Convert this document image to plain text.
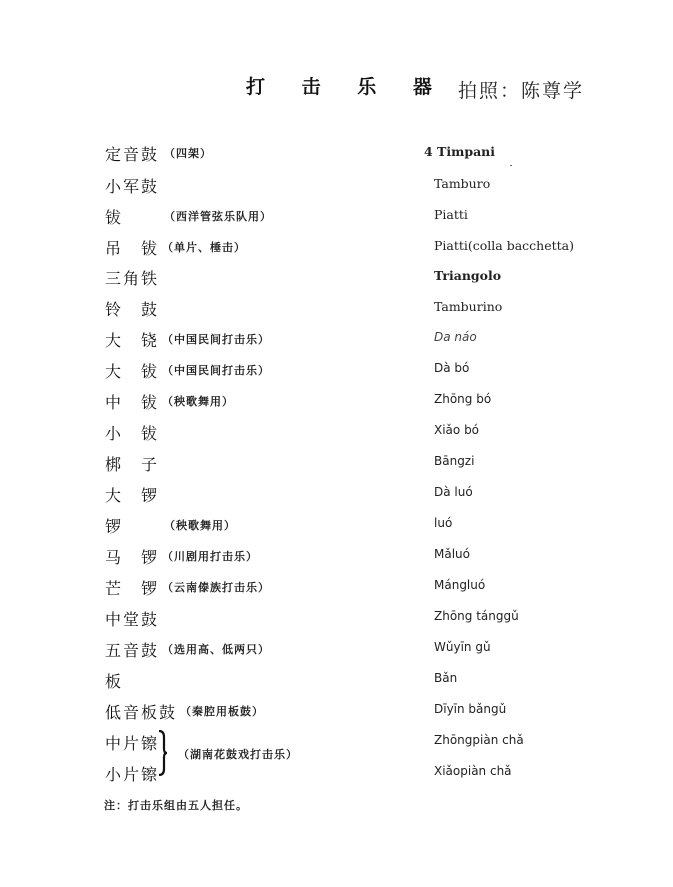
打 击 乐 器 拍照：陈尊学
定 音 鼓 （四架）	4 Timpani
小 军 鼓	Tamburo
钹	（西洋管弦乐队用）	Piatti
吊 钹 （单片、棰击）	Piatti(colla bacchetta)
三 角 铁	Triangolo
铃 鼓	Tamburino
大 铙 （中国民间打击乐）	Da náo
大 钹 （中国民间打击乐）	Dà bó
中 钹 （秧歌舞用）	Zhōng bó
小 钹	Xiǎo bó
梆 子	Bāngzi
大 锣	Dà luó
锣	（秧歌舞用）	luó
马 锣 （川剧用打击乐）	Mǎluó
芒 锣 （云南傣族打击乐）	Mángluó
中 堂 鼓	Zhōng tánggǔ
五 音 鼓 （选用高、低两只）	Wǔyīn gǔ
板	Bǎn
低 音 板 鼓 （秦腔用板鼓）	Dīyīn bǎngǔ
中 片 镲	Zhōngpiàn chǎ
小 片 镲	Xiǎopiàn chǎ
（湖南花鼓戏打击乐）
注：打击乐组由五人担任。
